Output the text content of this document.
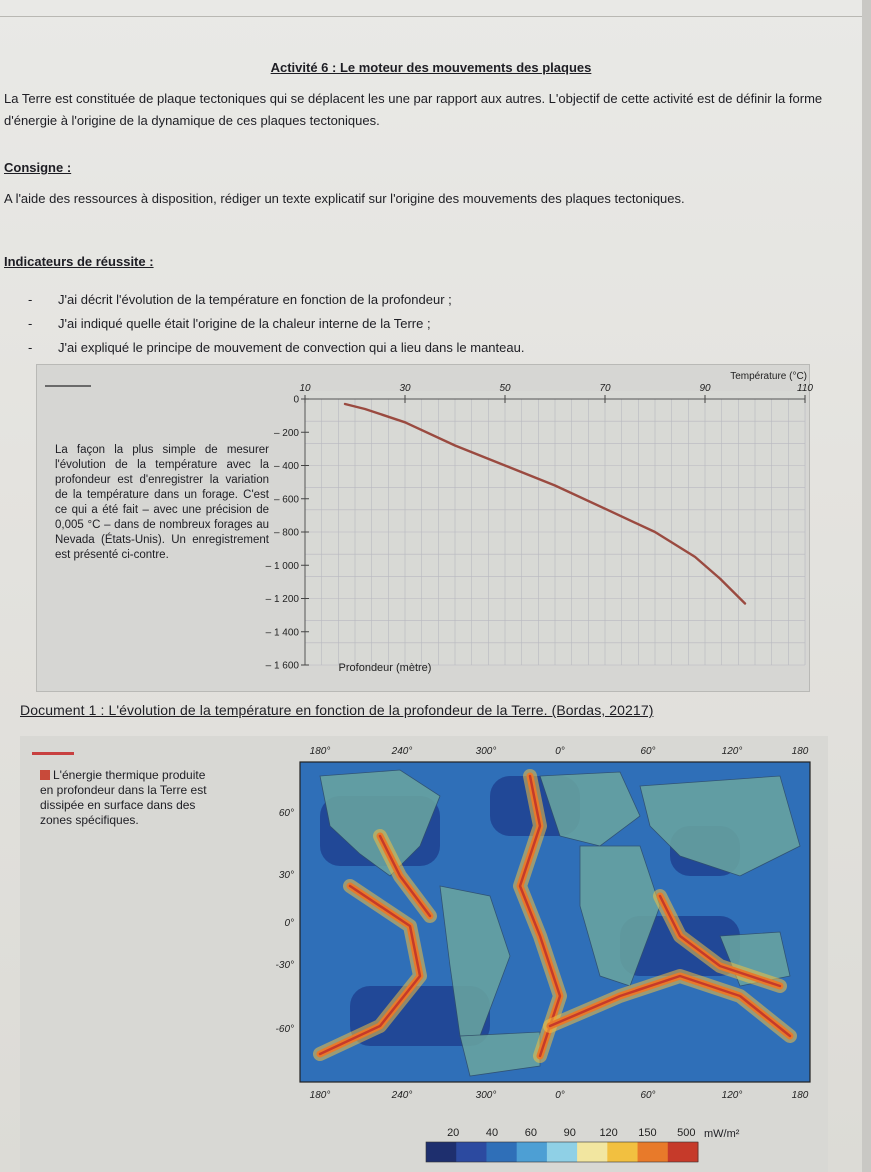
Activité 6 : Le moteur des mouvements des plaques
La Terre est constituée de plaque tectoniques qui se déplacent les une par rapport aux autres. L'objectif de cette activité est de définir la forme d'énergie à l'origine de la dynamique de ces plaques tectoniques.
Consigne :
A l'aide des ressources à disposition, rédiger un texte explicatif sur l'origine des mouvements des plaques tectoniques.
Indicateurs de réussite :
- J'ai décrit l'évolution de la température en fonction de la profondeur ;
- J'ai indiqué quelle était l'origine de la chaleur interne de la Terre ;
- J'ai expliqué le principe de mouvement de convection qui a lieu dans le manteau.
La façon la plus simple de mesurer l'évolution de la température avec la profondeur est d'enregistrer la variation de la température dans un forage. C'est ce qui a été fait – avec une précision de 0,005 °C – dans de nombreux forages au Nevada (États-Unis). Un enregistrement est présenté ci-contre.
10	30	50	70	90	110
Température (°C)
0
– 200
– 400
– 600
– 800
– 1 000
– 1 200
– 1 400
– 1 600	Profondeur (mètre)
Document 1 : L'évolution de la température en fonction de la profondeur de la Terre. (Bordas, 20217)
L'énergie thermique produite en profondeur dans la Terre est dissipée en surface dans des zones spécifiques.
180°
180°
240°
240°
300°
300°
0°
0°
60°
60°
120°
120°
180
180
60°
30°
0°
-30°
-60°
20 40 60 90 120 150 500 mW/m²
